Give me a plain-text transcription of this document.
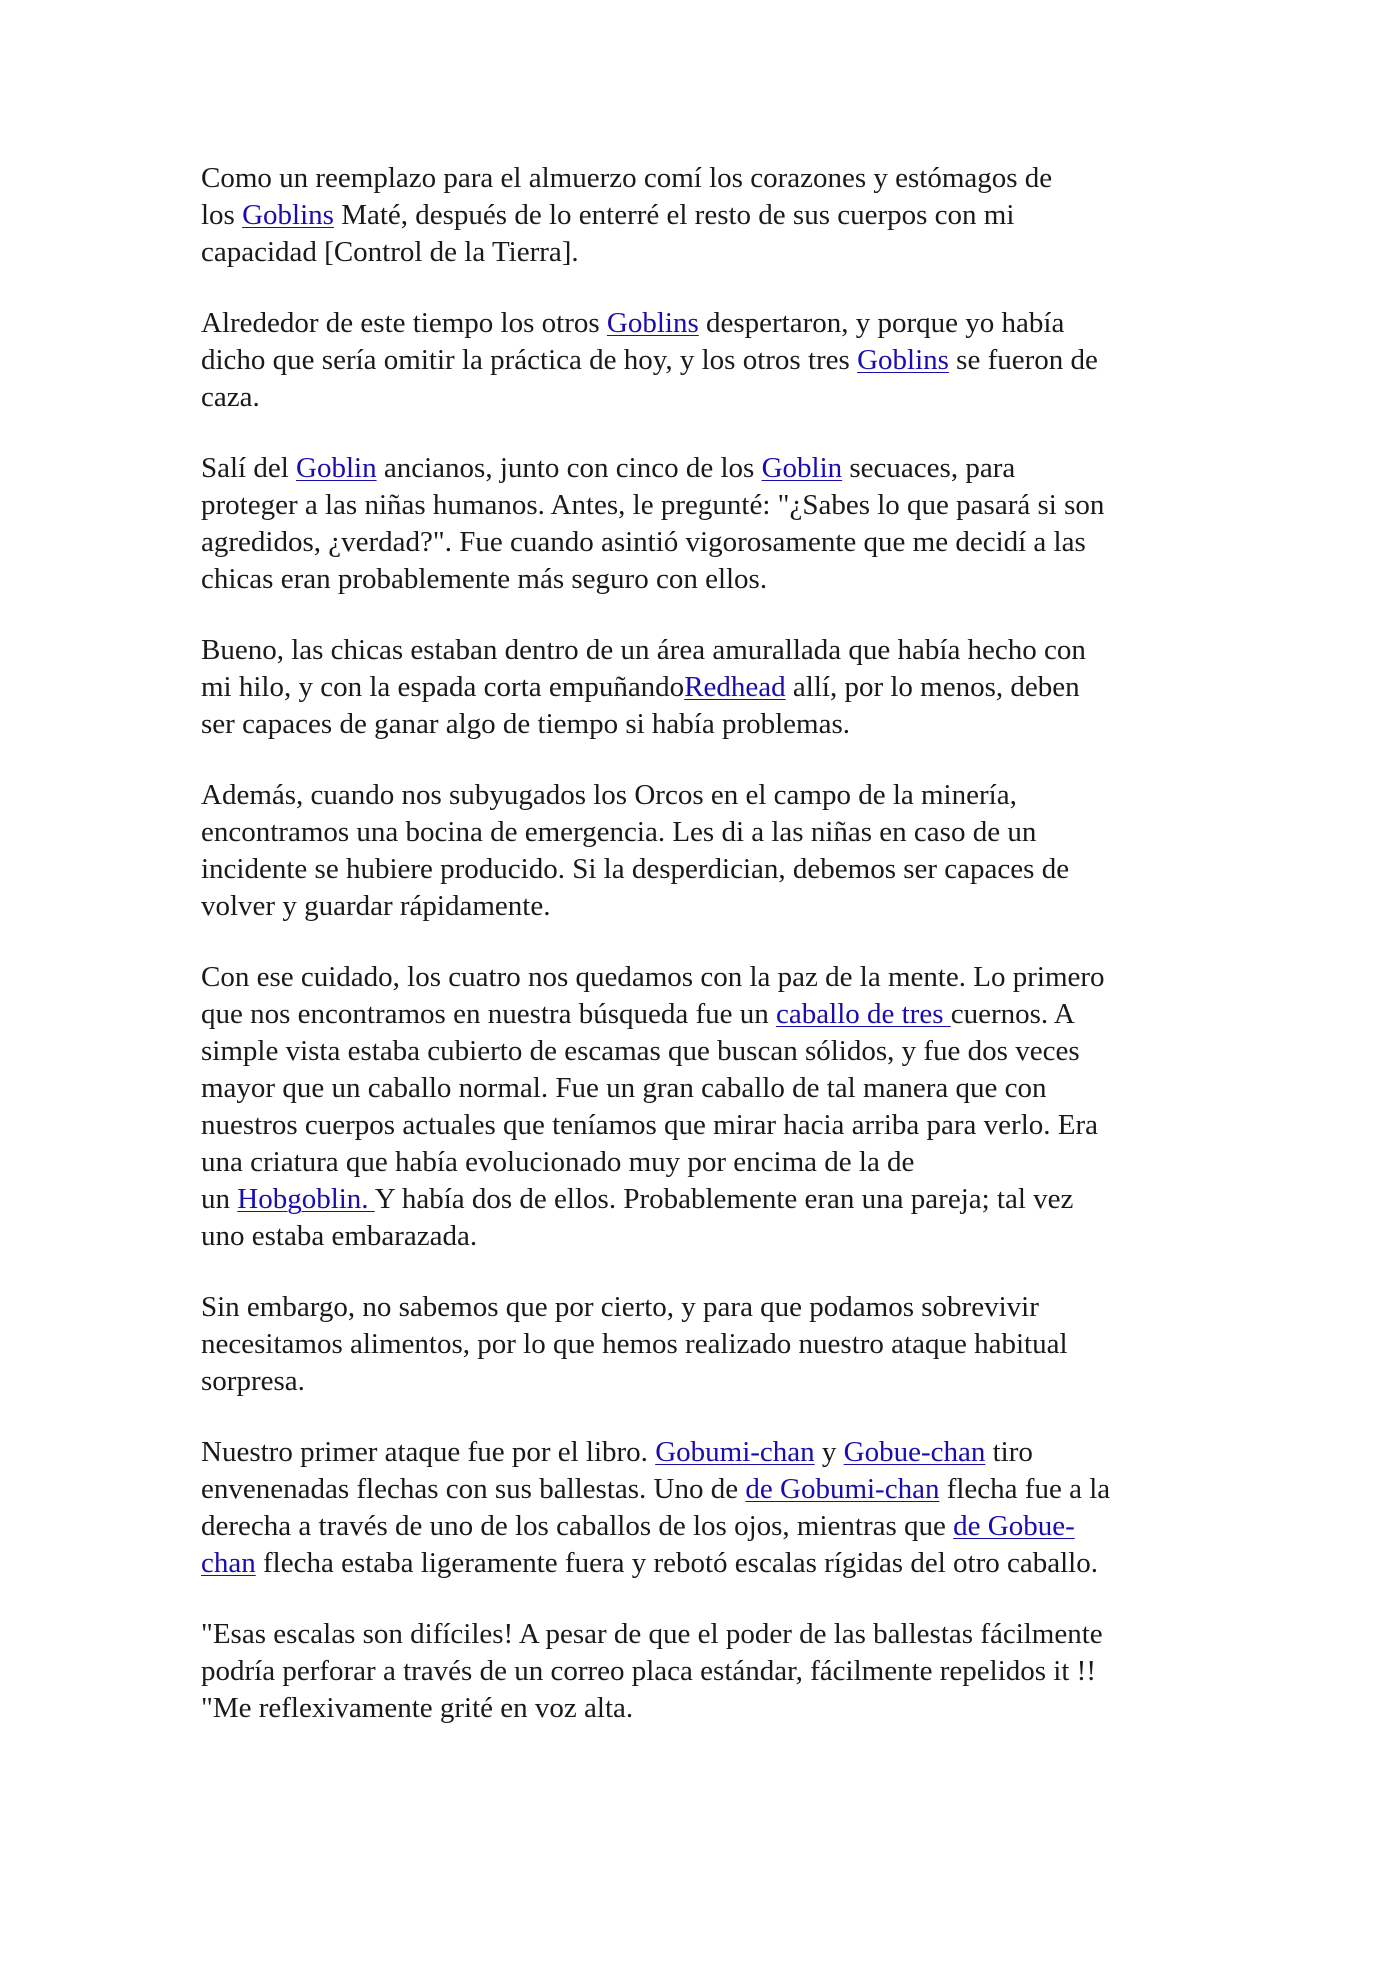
Como un reemplazo para el almuerzo comí los corazones y estómagos de
los Goblins Maté, después de lo enterré el resto de sus cuerpos con mi
capacidad [Control de la Tierra].

Alrededor de este tiempo los otros Goblins despertaron, y porque yo había
dicho que sería omitir la práctica de hoy, y los otros tres Goblins se fueron de
caza.

Salí del Goblin ancianos, junto con cinco de los Goblin secuaces, para
proteger a las niñas humanos. Antes, le pregunté: "¿Sabes lo que pasará si son
agredidos, ¿verdad?". Fue cuando asintió vigorosamente que me decidí a las
chicas eran probablemente más seguro con ellos.

Bueno, las chicas estaban dentro de un área amurallada que había hecho con
mi hilo, y con la espada corta empuñandoRedhead allí, por lo menos, deben
ser capaces de ganar algo de tiempo si había problemas.

Además, cuando nos subyugados los Orcos en el campo de la minería,
encontramos una bocina de emergencia. Les di a las niñas en caso de un
incidente se hubiere producido. Si la desperdician, debemos ser capaces de
volver y guardar rápidamente.

Con ese cuidado, los cuatro nos quedamos con la paz de la mente. Lo primero
que nos encontramos en nuestra búsqueda fue un caballo de tres cuernos. A
simple vista estaba cubierto de escamas que buscan sólidos, y fue dos veces
mayor que un caballo normal. Fue un gran caballo de tal manera que con
nuestros cuerpos actuales que teníamos que mirar hacia arriba para verlo. Era
una criatura que había evolucionado muy por encima de la de
un Hobgoblin. Y había dos de ellos. Probablemente eran una pareja; tal vez
uno estaba embarazada.

Sin embargo, no sabemos que por cierto, y para que podamos sobrevivir
necesitamos alimentos, por lo que hemos realizado nuestro ataque habitual
sorpresa.

Nuestro primer ataque fue por el libro. Gobumi-chan y Gobue-chan tiro
envenenadas flechas con sus ballestas. Uno de de Gobumi-chan flecha fue a la
derecha a través de uno de los caballos de los ojos, mientras que de Gobue-
chan flecha estaba ligeramente fuera y rebotó escalas rígidas del otro caballo.

"Esas escalas son difíciles! A pesar de que el poder de las ballestas fácilmente
podría perforar a través de un correo placa estándar, fácilmente repelidos it !!
"Me reflexivamente grité en voz alta.
